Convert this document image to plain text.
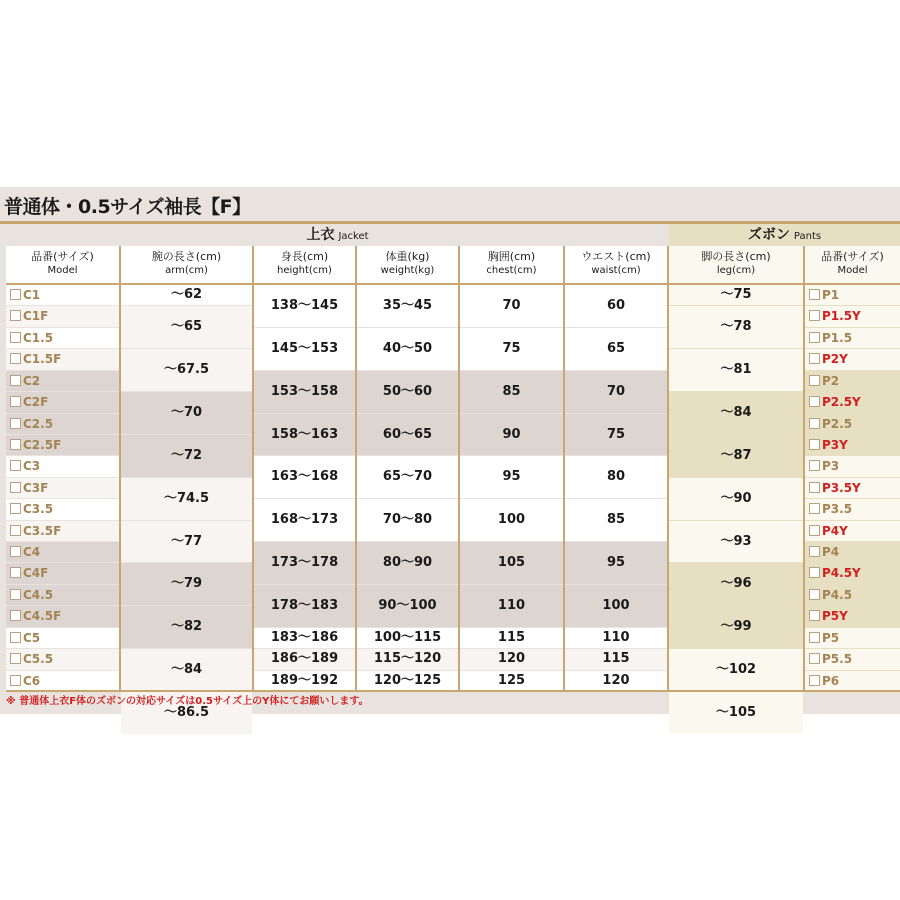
普通体・0.5サイズ袖長【F】
上衣 Jacket	ズボン Pants
品番(サイズ)
Model
腕の長さ(cm)
arm(cm)
身長(cm)
height(cm)
体重(kg)
weight(kg)
胸囲(cm)
chest(cm)
ウエスト(cm)
waist(cm)
脚の長さ(cm)
leg(cm)
品番(サイズ)
Model
C1
C1F
C1.5
C1.5F
C2
C2F
C2.5
C2.5F
C3
C3F
C3.5
C3.5F
C4
C4F
C4.5
C4.5F
C5
C5.5
C6
P1
P1.5Y
P1.5
P2Y
P2
P2.5Y
P2.5
P3Y
P3
P3.5Y
P3.5
P4Y
P4
P4.5Y
P4.5
P5Y
P5
P5.5
P6
～62
～65
～67.5
～70
～72
～74.5
～77
～79
～82
～84
～86.5
～75
～78
～81
～84
～87
～90
～93
～96
～99
～102
～105
138～145
145～153
153～158
158～163
163～168
168～173
173～178
178～183
183～186
186～189
189～192
35～45
40～50
50～60
60～65
65～70
70～80
80～90
90～100
100～115
115～120
120～125
70
75
85
90
95
100
105
110
115
120
125
60
65
70
75
80
85
95
100
110
115
120
※ 普通体上衣F体のズボンの対応サイズは0.5サイズ上のY体にてお願いします。
